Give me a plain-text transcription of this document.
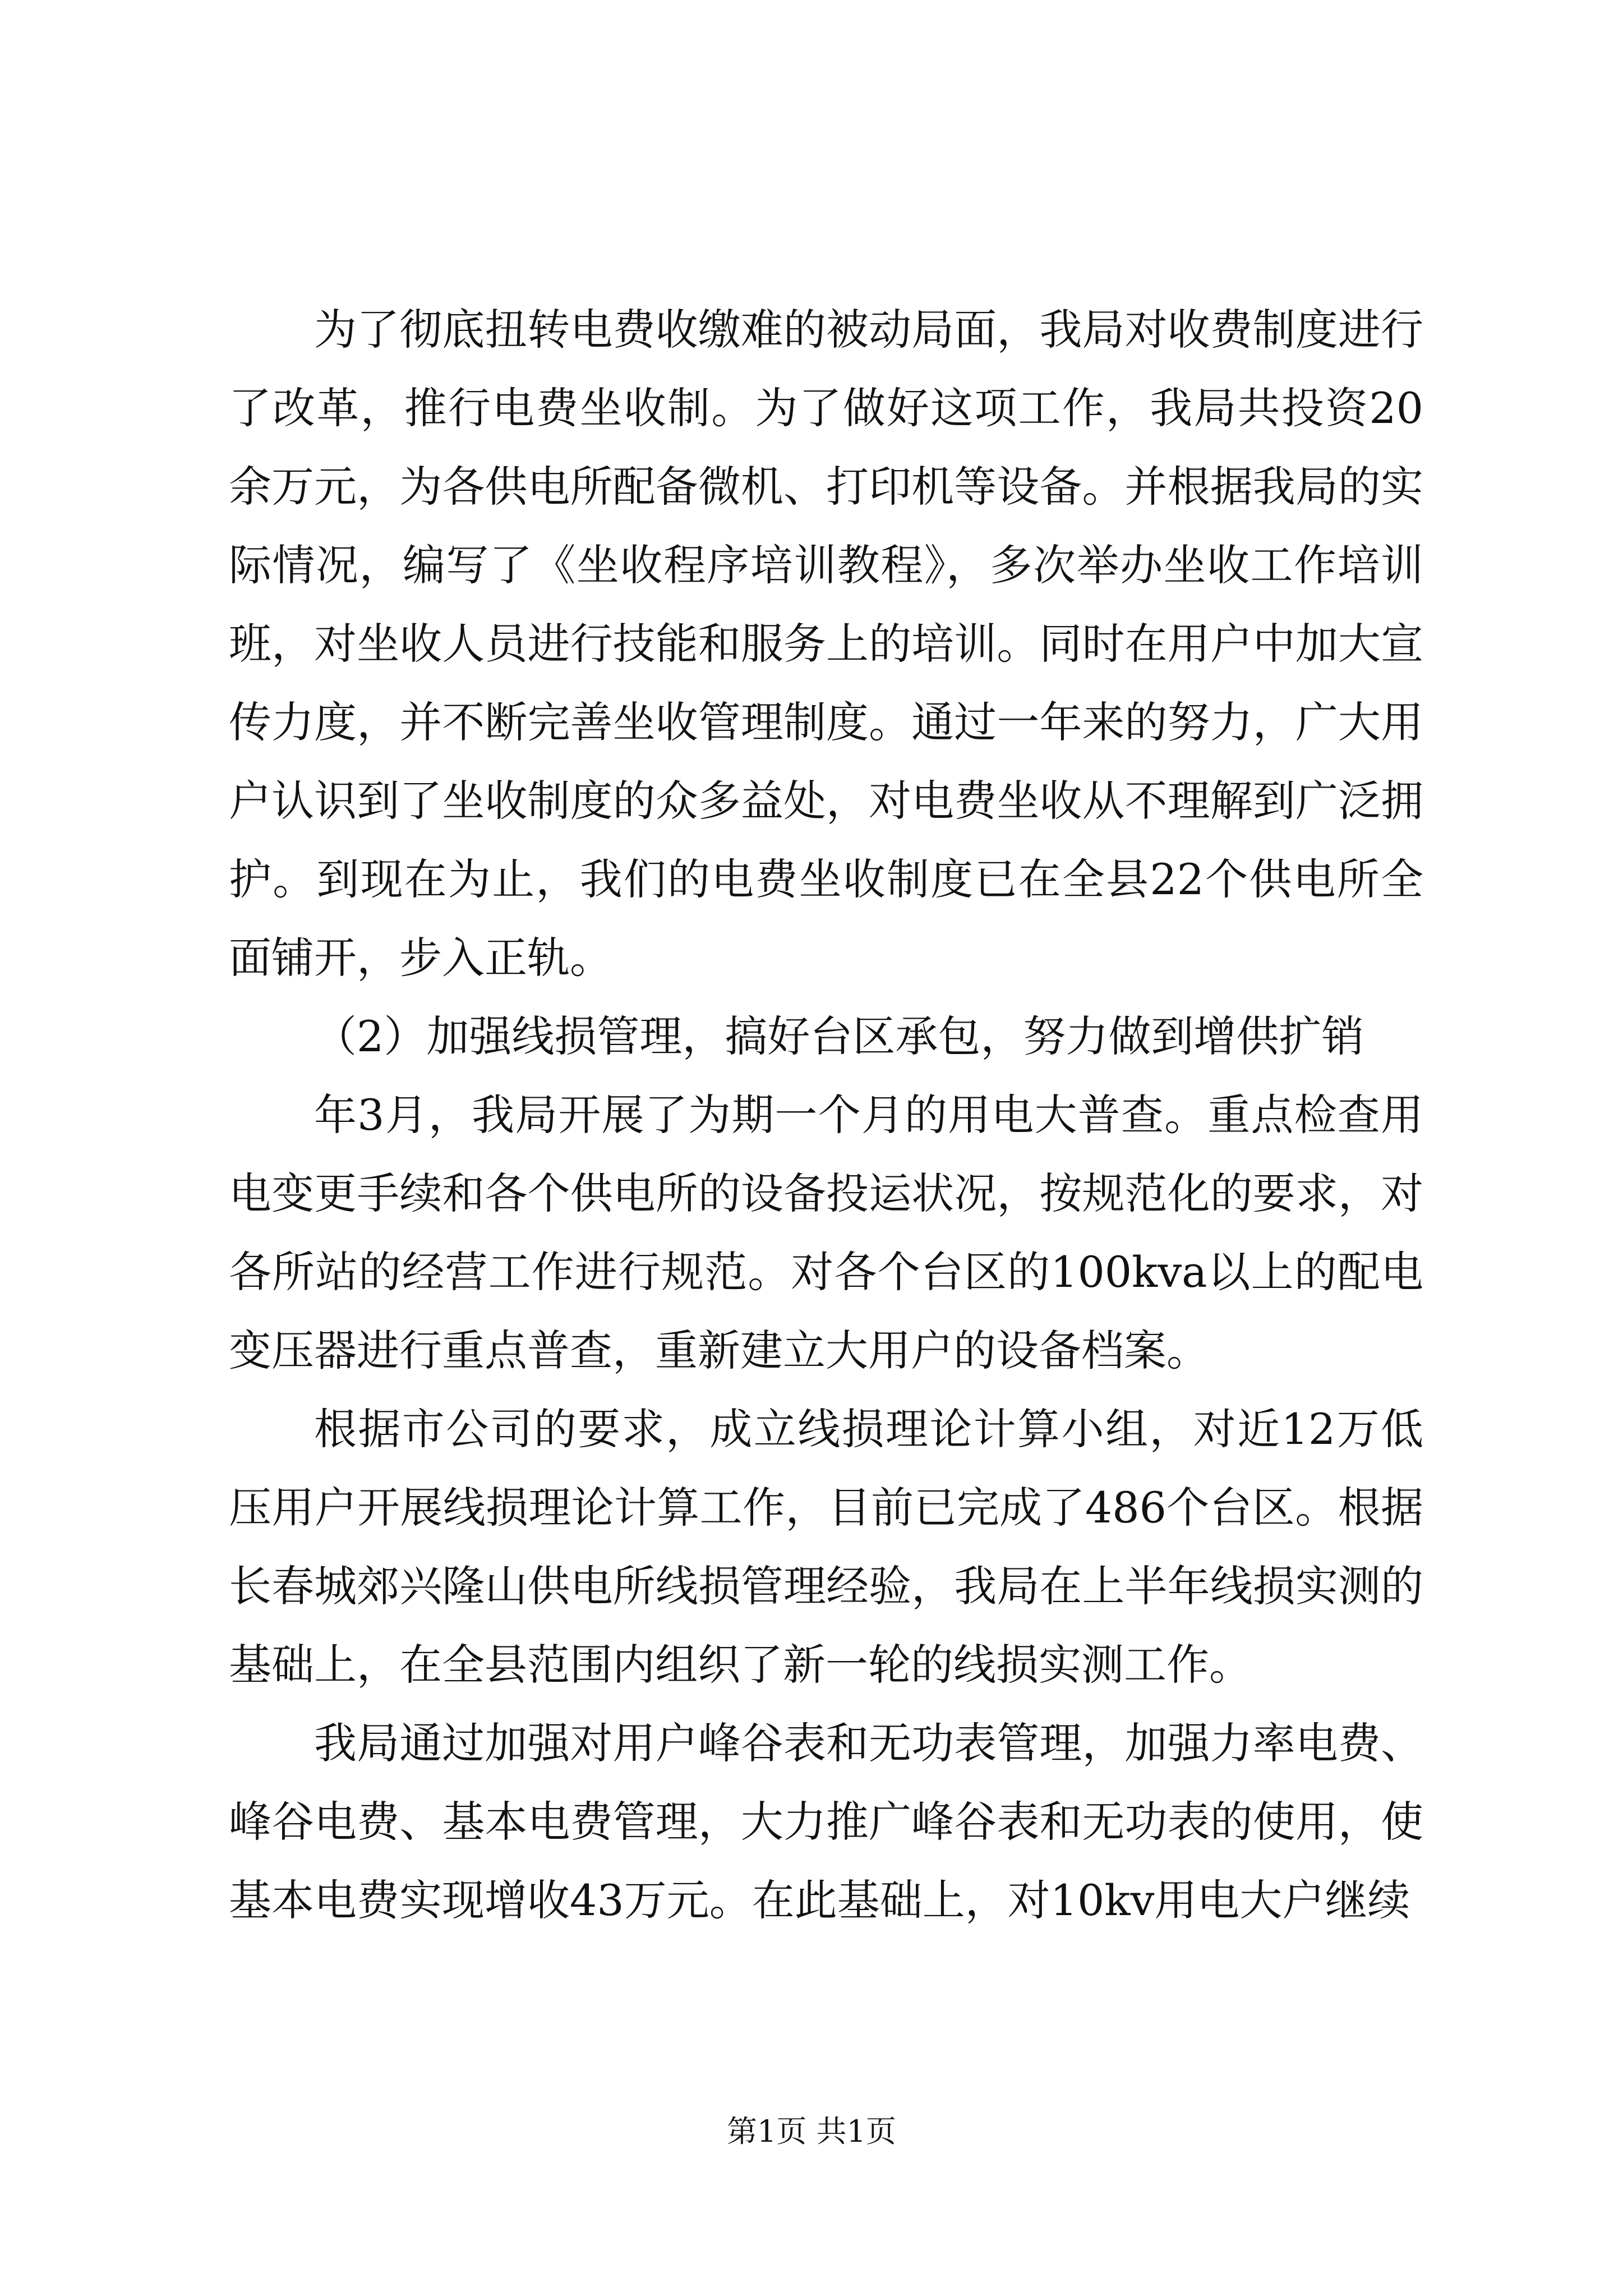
为了彻底扭转电费收缴难的被动局面，我局对收费制度进行了改革，推行电费坐收制。为了做好这项工作，我局共投资20余万元，为各供电所配备微机、打印机等设备。并根据我局的实际情况，编写了《坐收程序培训教程》，多次举办坐收工作培训班，对坐收人员进行技能和服务上的培训。同时在用户中加大宣传力度，并不断完善坐收管理制度。通过一年来的努力，广大用户认识到了坐收制度的众多益处，对电费坐收从不理解到广泛拥护。到现在为止，我们的电费坐收制度已在全县22个供电所全面铺开，步入正轨。

（2）加强线损管理，搞好台区承包，努力做到增供扩销

年3月，我局开展了为期一个月的用电大普查。重点检查用电变更手续和各个供电所的设备投运状况，按规范化的要求，对各所站的经营工作进行规范。对各个台区的100kva以上的配电变压器进行重点普查，重新建立大用户的设备档案。

根据市公司的要求，成立线损理论计算小组，对近12万低压用户开展线损理论计算工作，目前已完成了486个台区。根据长春城郊兴隆山供电所线损管理经验，我局在上半年线损实测的基础上，在全县范围内组织了新一轮的线损实测工作。

我局通过加强对用户峰谷表和无功表管理，加强力率电费、峰谷电费、基本电费管理，大力推广峰谷表和无功表的使用，使基本电费实现增收43万元。在此基础上，对10kv用电大户继续

第1页 共1页
